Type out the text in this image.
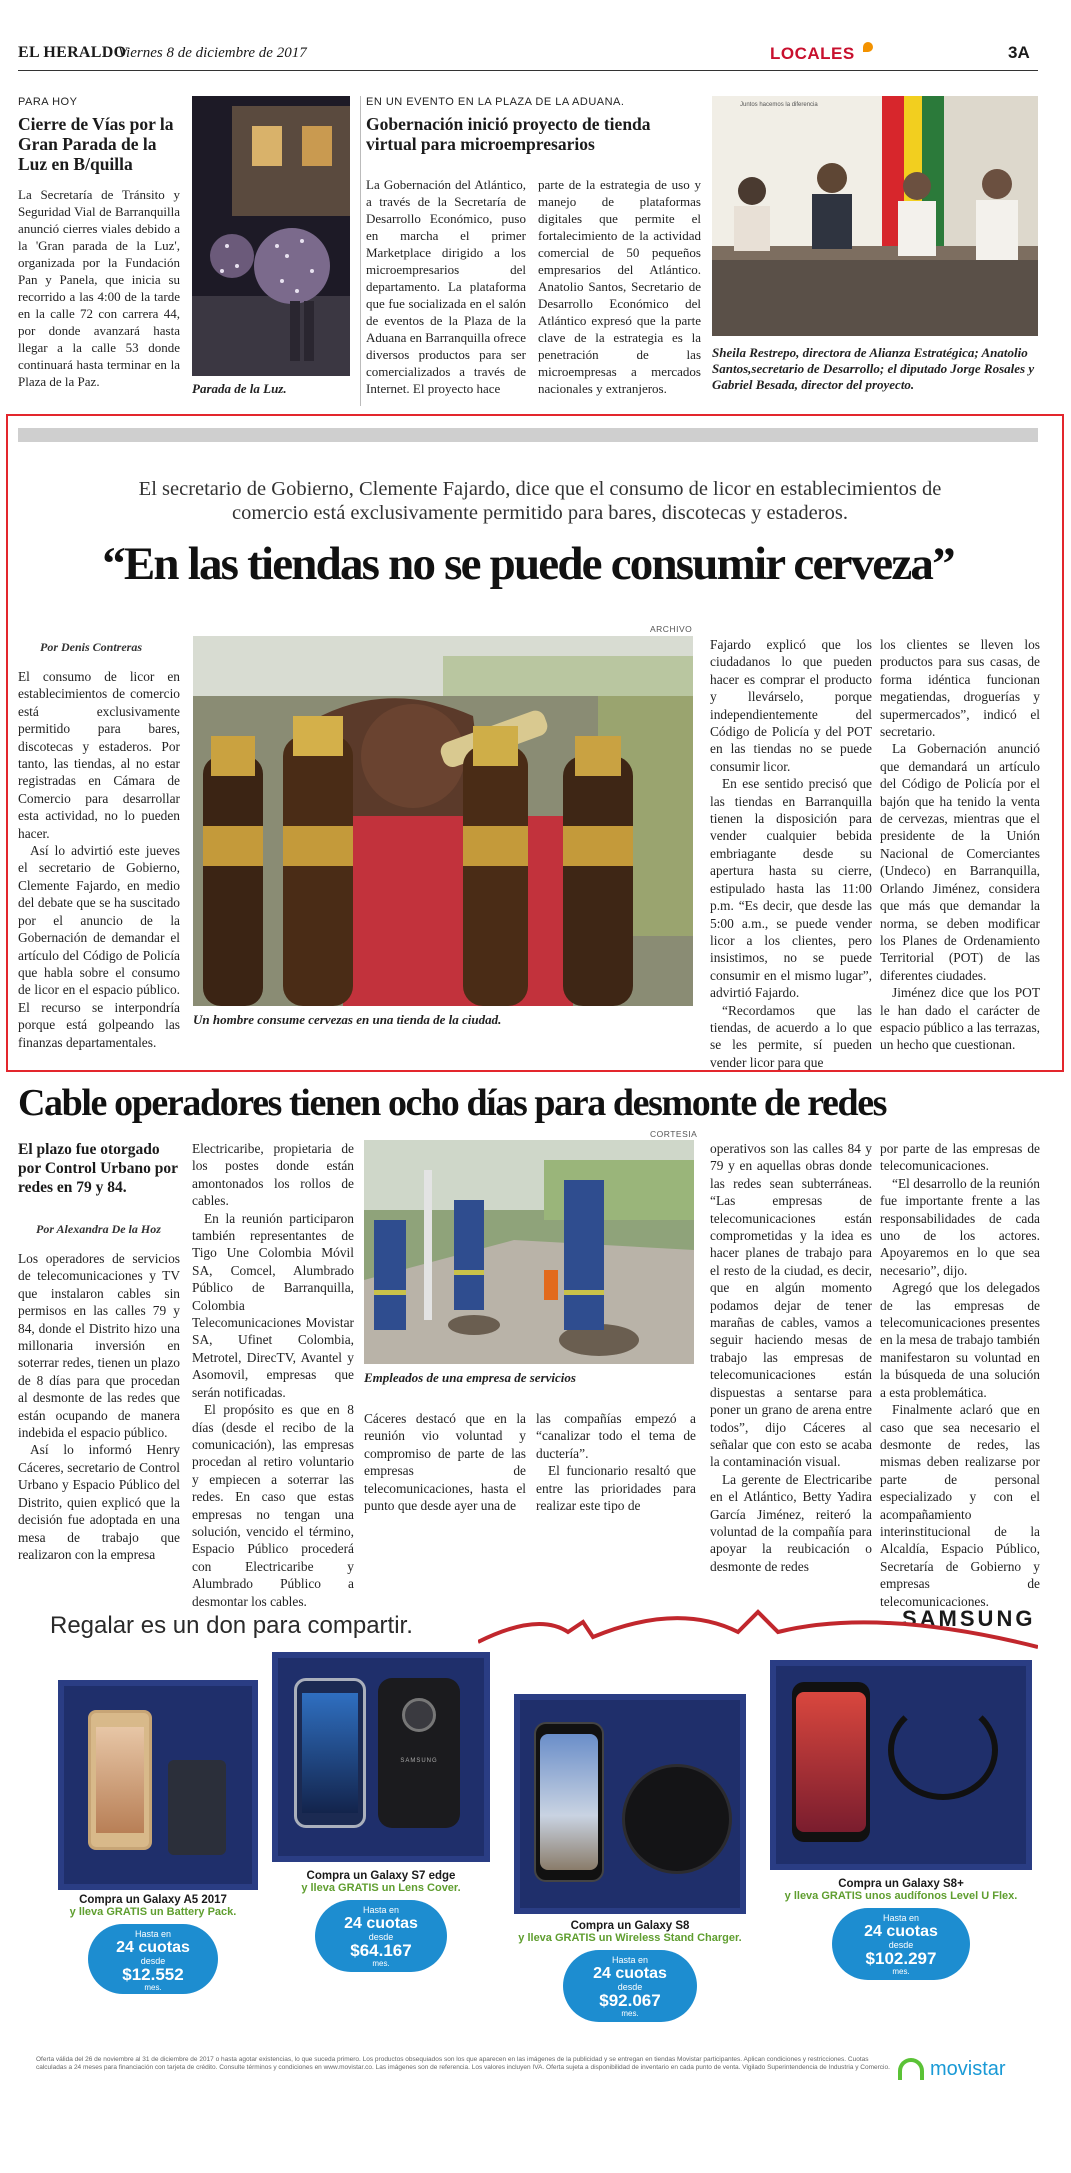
EL HERALDO
Viernes 8 de diciembre de 2017	LOCALES	3A
PARA HOY
Cierre de Vías por la Gran Parada de la Luz en B/quilla

La Secretaría de Tránsito y Seguridad Vial de Barranquilla anunció cierres viales debido a la 'Gran parada de la Luz', organizada por la Fundación Pan y Panela, que inicia su recorrido a las 4:00 de la tarde en la calle 72 con carrera 44, por donde avanzará hasta llegar a la calle 53 donde continuará hasta terminar en la Plaza de la Paz.	Parada de la Luz.
EN UN EVENTO EN LA PLAZA DE LA ADUANA.
Gobernación inició proyecto de tienda virtual para microempresarios

La Gobernación del Atlántico, a través de la Secretaría de Desarrollo Económico, puso en marcha el primer Marketplace dirigido a los microempresarios del departamento. La plataforma que fue socializada en el salón de eventos de la Plaza de la Aduana en Barranquilla ofrece diversos productos para ser comercializados a través de Internet. El proyecto hace

parte de la estrategia de uso y manejo de plataformas digitales que permite el fortalecimiento de la actividad comercial de 50 pequeños empresarios del Atlántico. Anatolio Santos, Secretario de Desarrollo Económico del Atlántico expresó que la parte clave de la estrategia es la penetración de las microempresas a mercados nacionales y extranjeros.

Juntos hacemos la diferencia
Sheila Restrepo, directora de Alianza Estratégica; Anatolio Santos,secretario de Desarrollo; el diputado Jorge Rosales y Gabriel Besada, director del proyecto.
El secretario de Gobierno, Clemente Fajardo, dice que el consumo de licor en establecimientos de comercio está exclusivamente permitido para bares, discotecas y estaderos.
“En las tiendas no se puede consumir cerveza”
Por Denis Contreras

El consumo de licor en establecimientos de comercio está exclusivamente permitido para bares, discotecas y estaderos. Por tanto, las tiendas, al no estar registradas en Cámara de Comercio para desarrollar esta actividad, no lo pueden hacer.

Así lo advirtió este jueves el secretario de Gobierno, Clemente Fajardo, en medio del debate que se ha suscitado por el anuncio de la Gobernación de demandar el artículo del Código de Policía que habla sobre el consumo de licor en el espacio público. El recurso se interpondría porque está golpeando las finanzas departamentales.

ARCHIVO
Un hombre consume cervezas en una tienda de la ciudad.

Fajardo explicó que los ciudadanos lo que pueden hacer es comprar el producto y llevárselo, porque independientemente del Código de Policía y del POT en las tiendas no se puede consumir licor.

En ese sentido precisó que las tiendas en Barranquilla tienen la disposición para vender cualquier bebida embriagante desde su apertura hasta su cierre, estipulado hasta las 11:00 p.m. “Es decir, que desde las 5:00 a.m., se puede vender licor a los clientes, pero insistimos, no se puede consumir en el mismo lugar”, advirtió Fajardo.

“Recordamos que las tiendas, de acuerdo a lo que se les permite, sí pueden vender licor para que

los clientes se lleven los productos para sus casas, de forma idéntica funcionan megatiendas, droguerías y supermercados”, indicó el secretario.

La Gobernación anunció que demandará un artículo del Código de Policía por el bajón que ha tenido la venta de cervezas, mientras que el presidente de la Unión Nacional de Comerciantes (Undeco) en Barranquilla, Orlando Jiménez, considera que más que demandar la norma, se deben modificar los Planes de Ordenamiento Territorial (POT) de las diferentes ciudades.

Jiménez dice que los POT le han dado el carácter de espacio público a las terrazas, un hecho que cuestionan.

Cable operadores tienen ocho días para desmonte de redes
El plazo fue otorgado por Control Urbano por redes en 79 y 84.
Por Alexandra De la Hoz

Los operadores de servicios de telecomunicaciones y TV que instalaron cables sin permisos en las calles 79 y 84, donde el Distrito hizo una millonaria inversión en soterrar redes, tienen un plazo de 8 días para que procedan al desmonte de las redes que están ocupando de manera indebida el espacio público.

Así lo informó Henry Cáceres, secretario de Control Urbano y Espacio Público del Distrito, quien explicó que la decisión fue adoptada en una mesa de trabajo que realizaron con la empresa

Electricaribe, propietaria de los postes donde están amontonados los rollos de cables.

En la reunión participaron también representantes de Tigo Une Colombia Móvil SA, Comcel, Alumbrado Público de Barranquilla, Colombia Telecomunicaciones Movistar SA, Ufinet Colombia, Metrotel, DirecTV, Avantel y Asomovil, empresas que serán notificadas.

El propósito es que en 8 días (desde el recibo de la comunicación), las empresas procedan al retiro voluntario y empiecen a soterrar las redes. En caso que estas empresas no tengan una solución, vencido el término, Espacio Público procederá con Electricaribe y Alumbrado Público a desmontar los cables.

CORTESIA
Empleados de una empresa de servicios

Cáceres destacó que en la reunión vio voluntad y compromiso de parte de las empresas de telecomunicaciones, hasta el punto que desde ayer una de

las compañías empezó a “canalizar todo el tema de ductería”.

El funcionario resaltó que entre las prioridades para realizar este tipo de

operativos son las calles 84 y 79 y en aquellas obras donde las redes sean subterráneas. “Las empresas de telecomunicaciones están comprometidas y la idea es hacer planes de trabajo para el resto de la ciudad, es decir, que en algún momento podamos dejar de tener marañas de cables, vamos a seguir haciendo mesas de trabajo las empresas de telecomunicaciones están dispuestas a sentarse para poner un grano de arena entre todos”, dijo Cáceres al señalar que con esto se acaba la contaminación visual.

La gerente de Electricaribe en el Atlántico, Betty Yadira García Jiménez, reiteró la voluntad de la compañía para apoyar la reubicación o desmonte de redes

por parte de las empresas de telecomunicaciones.

“El desarrollo de la reunión fue importante frente a las responsabilidades de cada uno de los actores. Apoyaremos en lo que sea necesario”, dijo.

Agregó que los delegados de las empresas de telecomunicaciones presentes en la mesa de trabajo también manifestaron su voluntad en la búsqueda de una solución a esta problemática.

Finalmente aclaró que en caso que sea necesario el desmonte de redes, las mismas deben realizarse por parte de personal especializado y con el acompañamiento interinstitucional de la Alcaldía, Espacio Público, Secretaría de Gobierno y empresas de telecomunicaciones.

Regalar es un don para compartir.	SAMSUNG
SAMSUNG
Compra un Galaxy A5 2017
y lleva GRATIS un Battery Pack.
Hasta en
24 cuotas
desde
$12.552
mes.
Compra un Galaxy S7 edge
y lleva GRATIS un Lens Cover.
Hasta en
24 cuotas
desde
$64.167
mes.
Compra un Galaxy S8
y lleva GRATIS un Wireless Stand Charger.
Hasta en
24 cuotas
desde
$92.067
mes.
Compra un Galaxy S8+
y lleva GRATIS unos audífonos Level U Flex.
Hasta en
24 cuotas
desde
$102.297
mes.
Oferta válida del 26 de noviembre al 31 de diciembre de 2017 o hasta agotar existencias, lo que suceda primero. Los productos obsequiados son los que aparecen en las imágenes de la publicidad y se entregan en tiendas Movistar participantes. Aplican condiciones y restricciones. Cuotas calculadas a 24 meses para financiación con tarjeta de crédito. Consulte términos y condiciones en www.movistar.co. Las imágenes son de referencia. Los valores incluyen IVA. Oferta sujeta a disponibilidad de inventario en cada punto de venta. Vigilado Superintendencia de Industria y Comercio.	movistar
